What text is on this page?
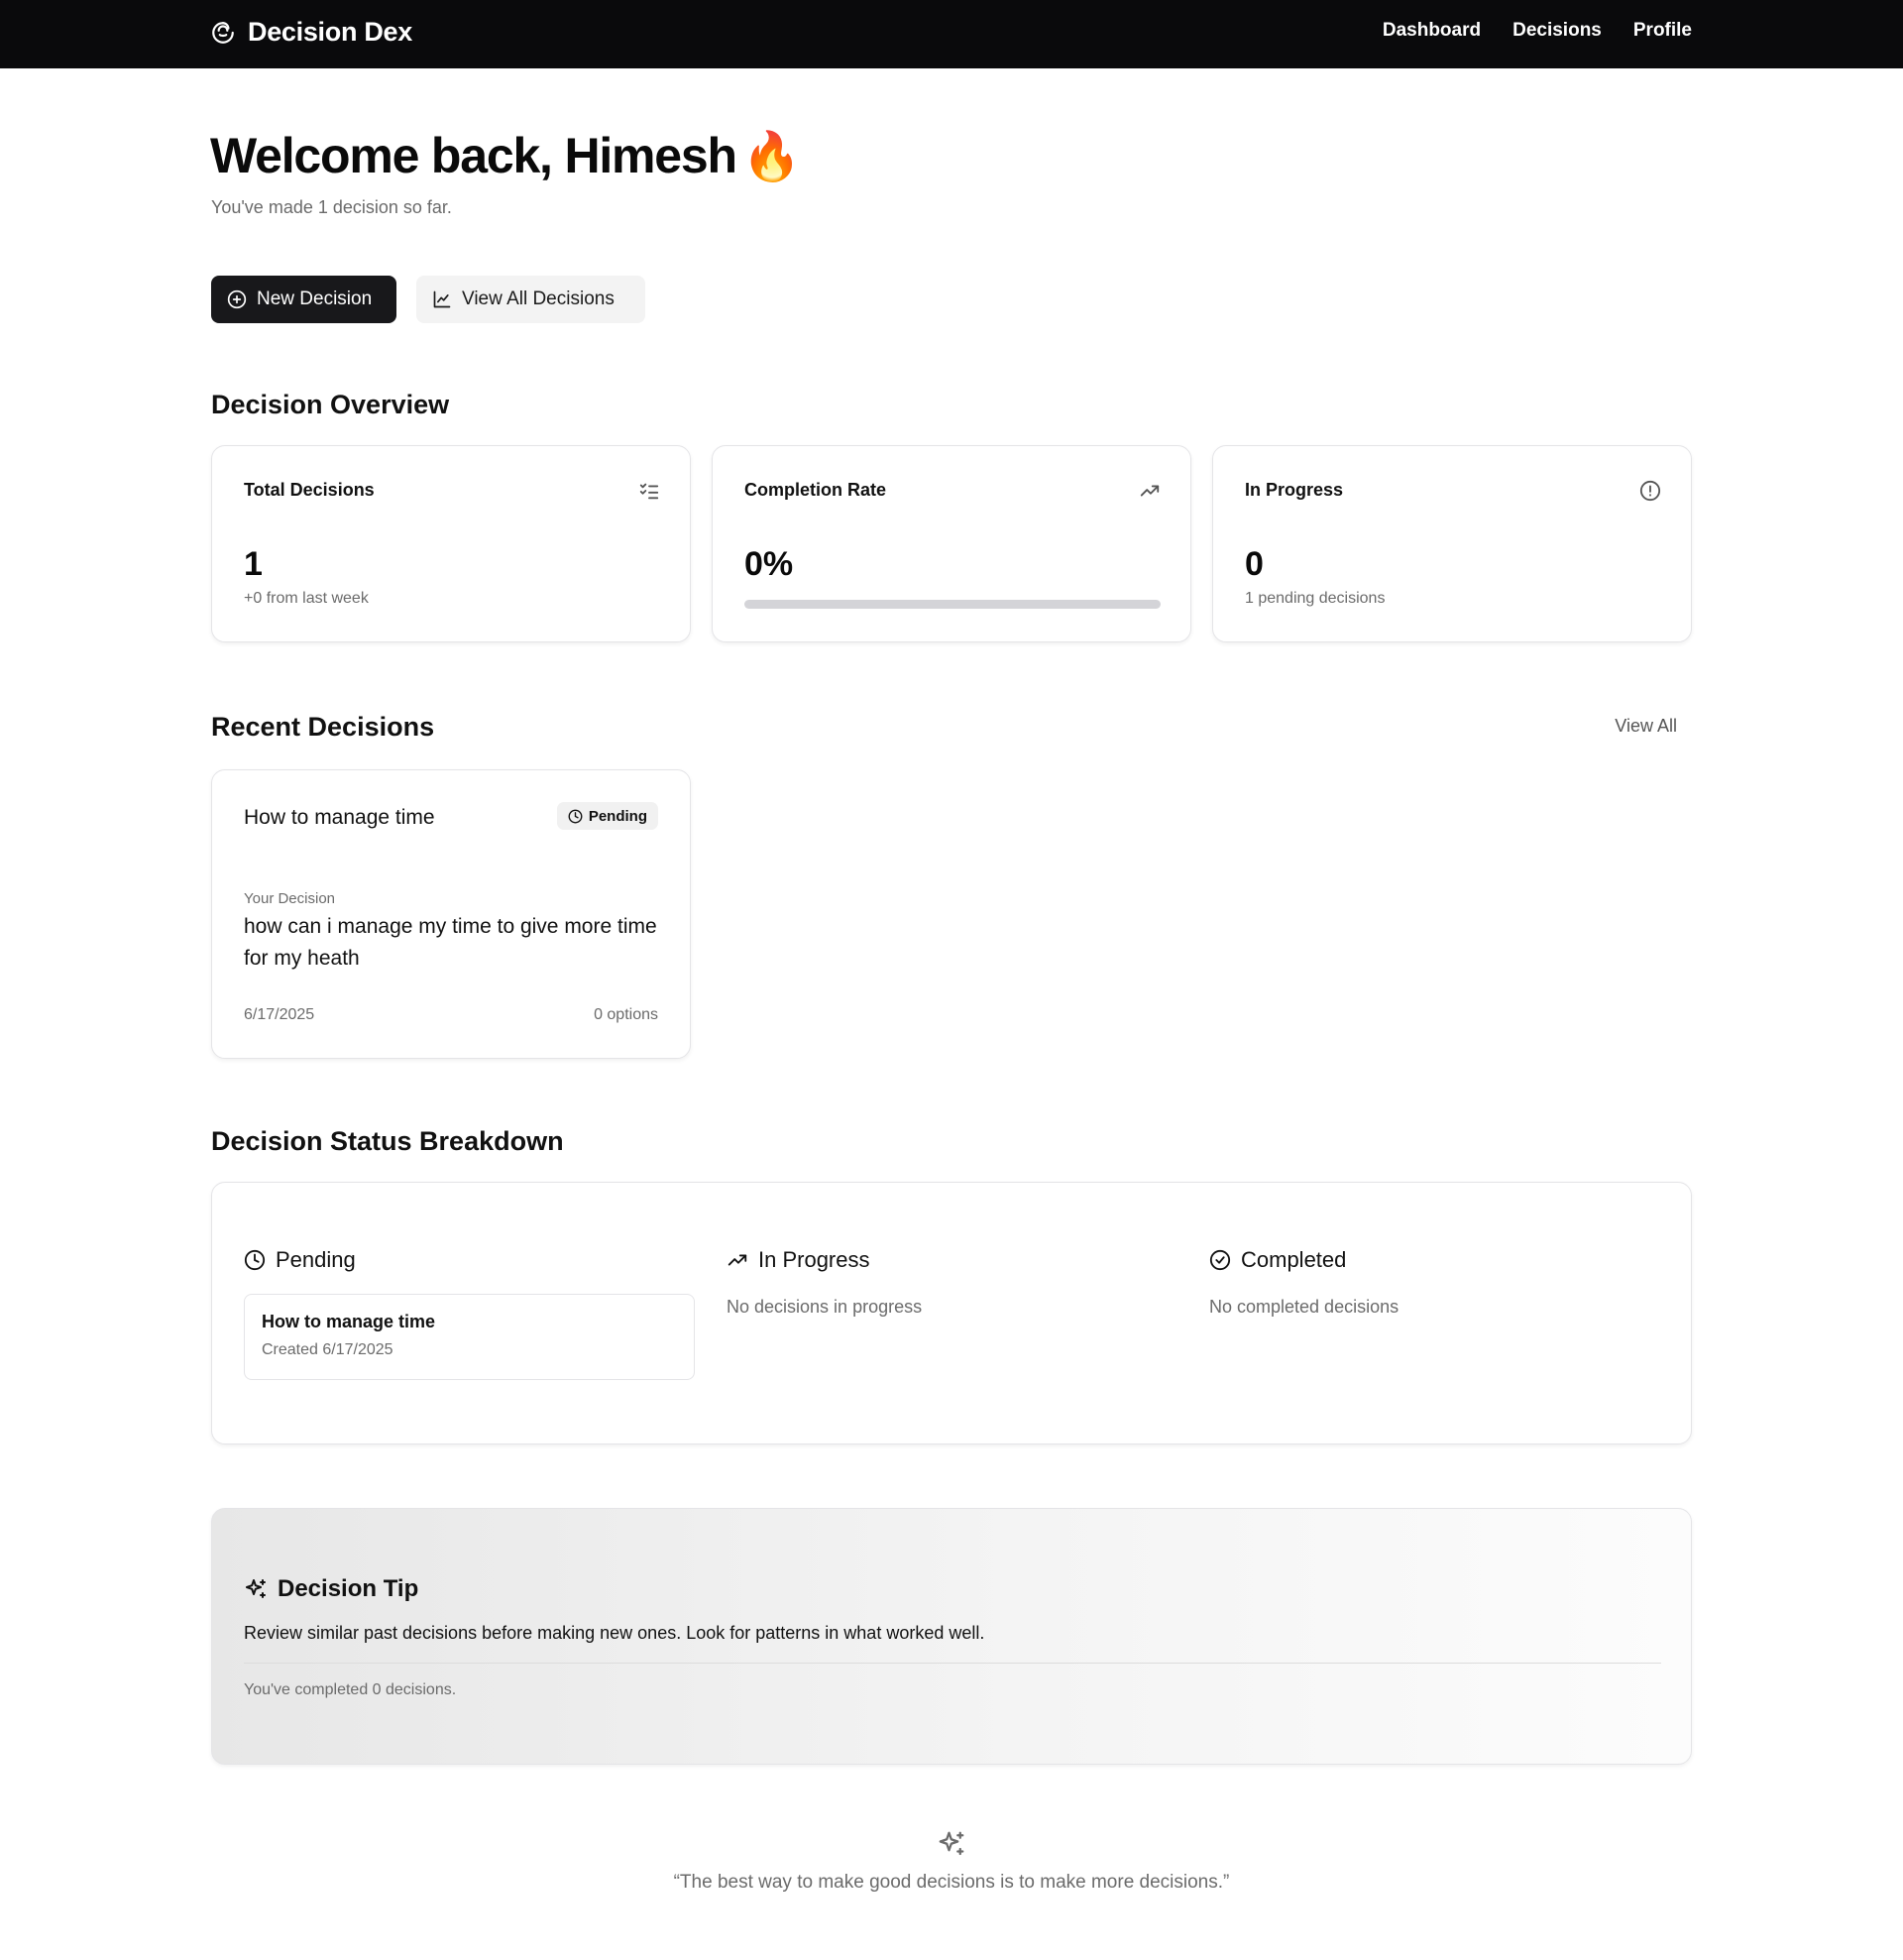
Decision Dex	Dashboard Decisions Profile
Welcome back, Himesh 🔥
You've made 1 decision so far.
New Decision	View All Decisions
Decision Overview
Total Decisions
1
+0 from last week
Completion Rate
0%
In Progress
0
1 pending decisions
Recent Decisions	View All
How to manage time	Pending
Your Decision
how can i manage my time to give more time for my heath
6/17/2025	0 options
Decision Status Breakdown
Pending
How to manage time
Created 6/17/2025
In Progress
No decisions in progress
Completed
No completed decisions
Decision Tip
Review similar past decisions before making new ones. Look for patterns in what worked well.
You've completed 0 decisions.
“The best way to make good decisions is to make more decisions.”
